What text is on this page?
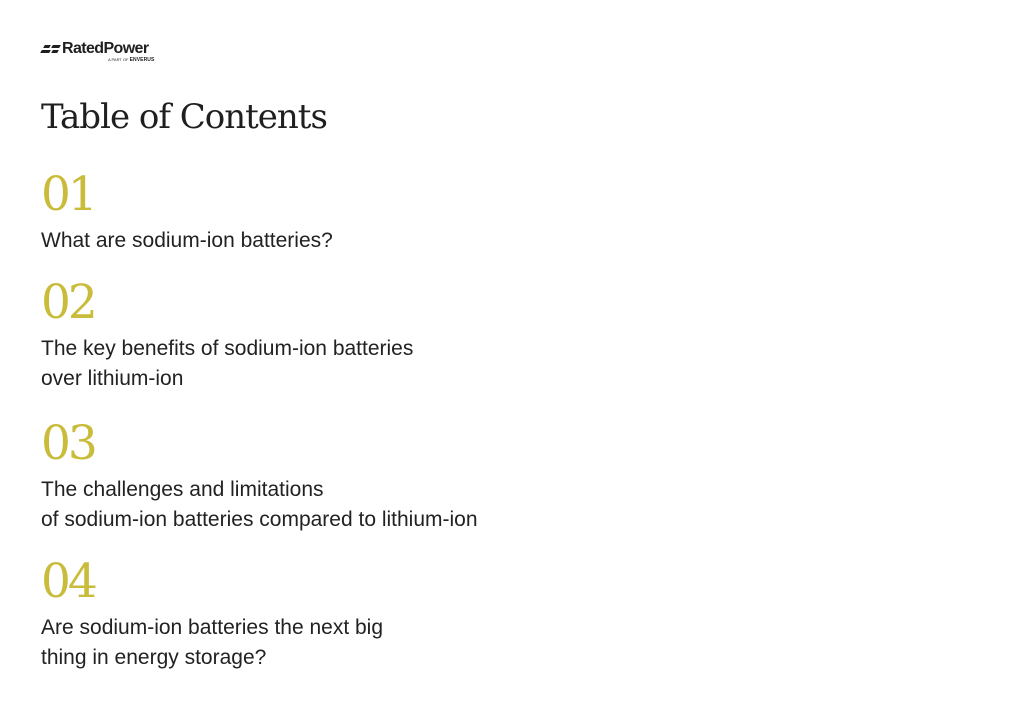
RatedPower
A PART OF ENVERUS
Table of Contents

01

What are sodium-ion batteries?

02

The key benefits of sodium-ion batteries
over lithium-ion

03

The challenges and limitations
of sodium-ion batteries compared to lithium-ion

04

Are sodium-ion batteries the next big
thing in energy storage?
